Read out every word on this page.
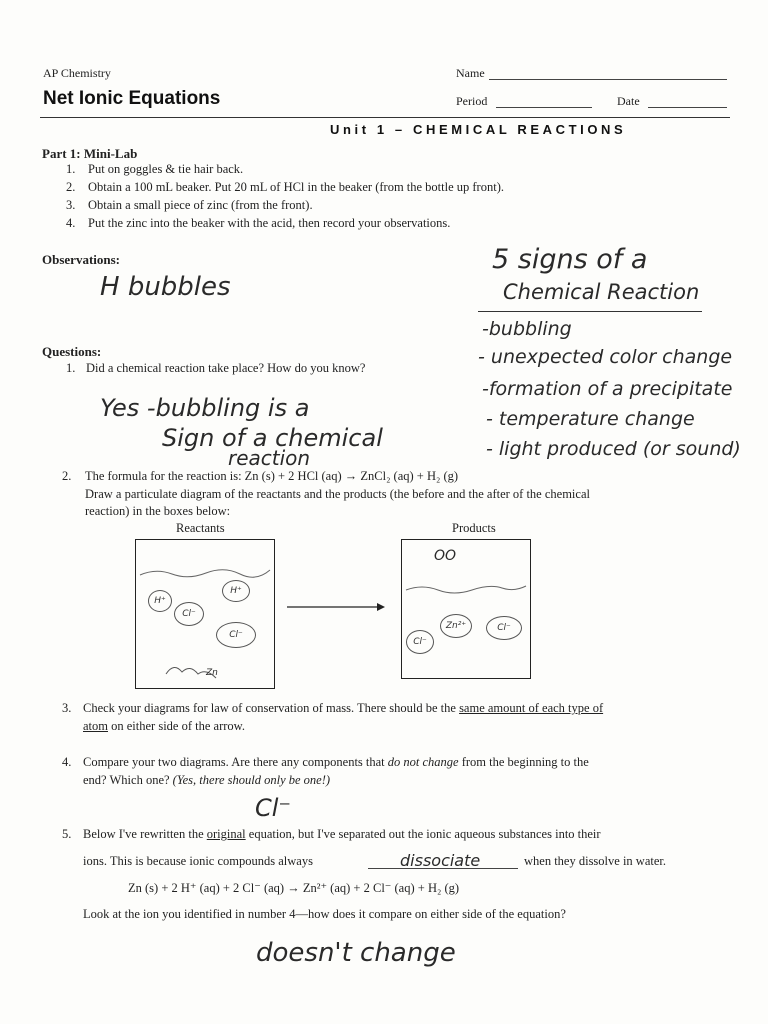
AP Chemistry
Net Ionic Equations
Name
Period	Date
Unit 1 – CHEMICAL REACTIONS
Part 1: Mini-Lab
1. Put on goggles & tie hair back.
2. Obtain a 100 mL beaker. Put 20 mL of HCl in the beaker (from the bottle up front).
3. Obtain a small piece of zinc (from the front).
4. Put the zinc into the beaker with the acid, then record your observations.
Observations:
H bubbles
5 signs of a
Chemical Reaction
-bubbling
- unexpected color change
-formation of a precipitate
- temperature change
- light produced (or sound)
Questions:
1. Did a chemical reaction take place? How do you know?
Yes -bubbling is a
Sign of a chemical
reaction
2. The formula for the reaction is: Zn (s) + 2 HCl (aq) → ZnCl₂ (aq) + H₂ (g)
Draw a particulate diagram of the reactants and the products (the before and the after of the chemical
reaction) in the boxes below:
Reactants	Products
H⁺
H⁺
Cl⁻
Cl⁻
Zn
OO
Cl⁻
Zn²⁺	Cl⁻
3. Check your diagrams for law of conservation of mass. There should be the same amount of each type of
atom on either side of the arrow.
4. Compare your two diagrams. Are there any components that do not change from the beginning to the
end? Which one? (Yes, there should only be one!)
Cl⁻
5. Below I've rewritten the original equation, but I've separated out the ionic aqueous substances into their
ions. This is because ionic compounds always	dissociate	when they dissolve in water.
Zn (s) + 2 H⁺ (aq) + 2 Cl⁻ (aq) → Zn²⁺ (aq) + 2 Cl⁻ (aq) + H₂ (g)
Look at the ion you identified in number 4—how does it compare on either side of the equation?
doesn't change
